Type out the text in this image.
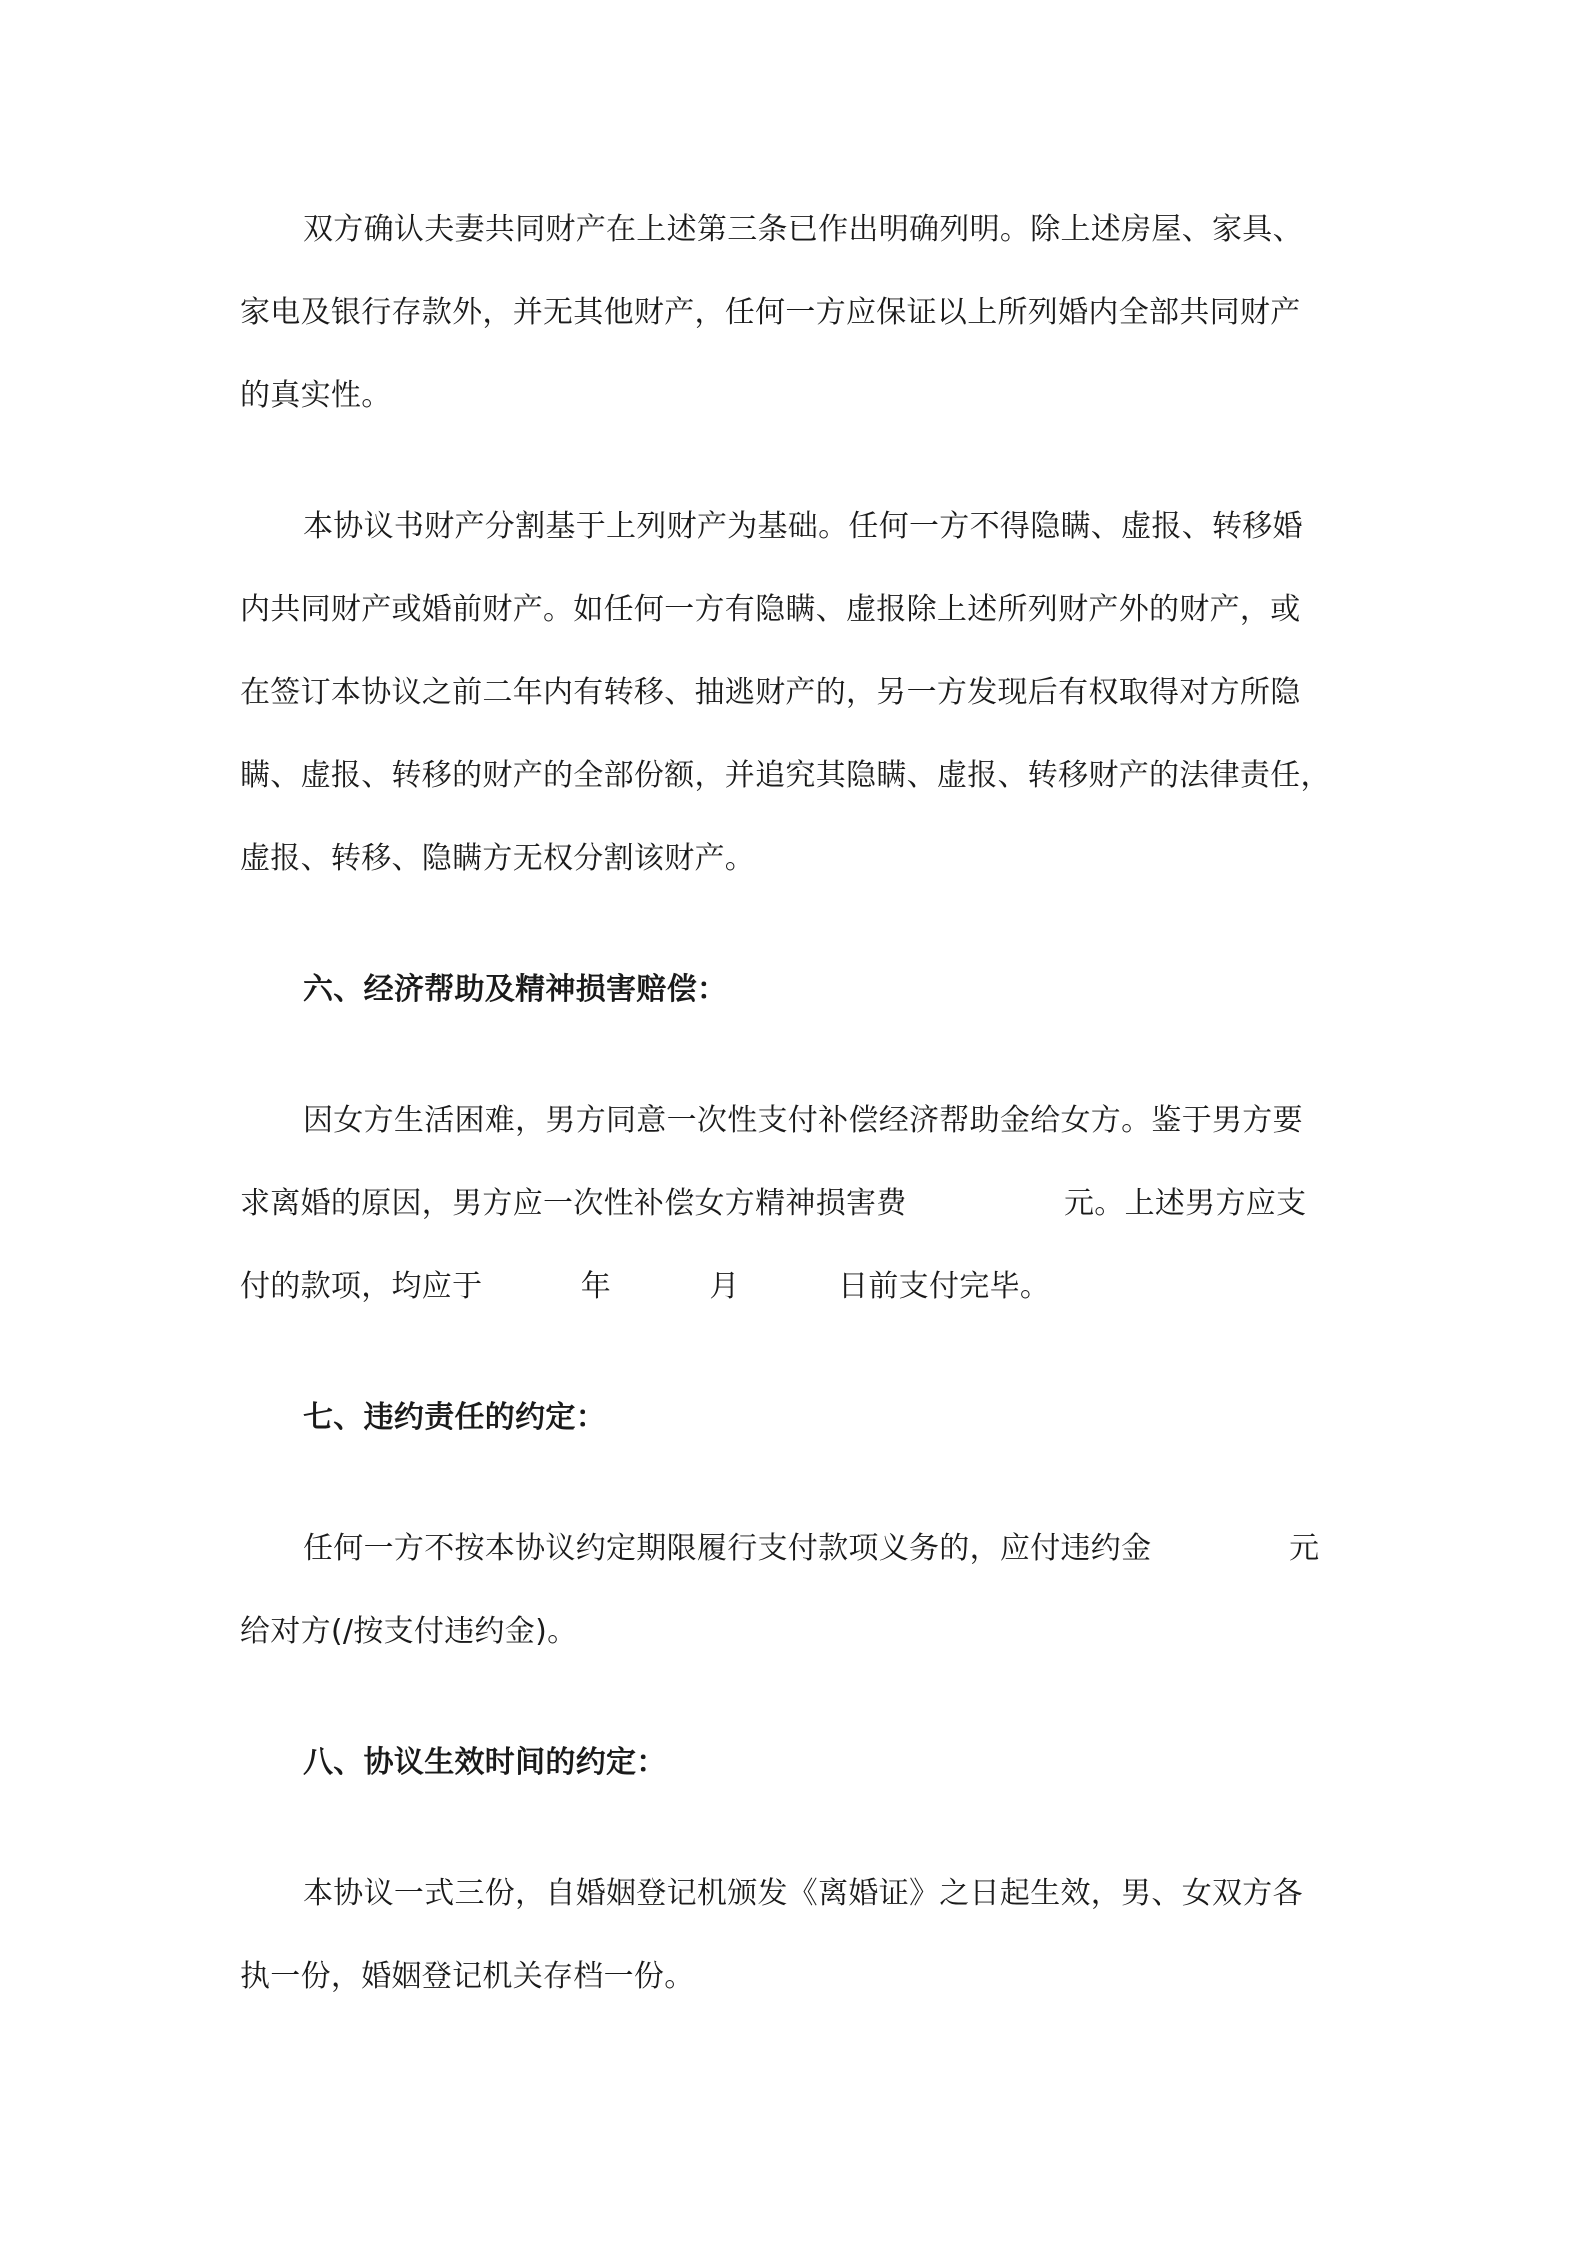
双方确认夫妻共同财产在上述第三条已作出明确列明。除上述房屋、家具、
家电及银行存款外，并无其他财产，任何一方应保证以上所列婚内全部共同财产
的真实性。
本协议书财产分割基于上列财产为基础。任何一方不得隐瞒、虚报、转移婚
内共同财产或婚前财产。如任何一方有隐瞒、虚报除上述所列财产外的财产，或
在签订本协议之前二年内有转移、抽逃财产的，另一方发现后有权取得对方所隐
瞒、虚报、转移的财产的全部份额，并追究其隐瞒、虚报、转移财产的法律责任，
虚报、转移、隐瞒方无权分割该财产。
六、经济帮助及精神损害赔偿：
因女方生活困难，男方同意一次性支付补偿经济帮助金给女方。鉴于男方要
求离婚的原因，男方应一次性补偿女方精神损害费                元。上述男方应支
付的款项，均应于          年          月          日前支付完毕。
七、违约责任的约定：
任何一方不按本协议约定期限履行支付款项义务的，应付违约金              元
给对方(/按支付违约金)。
八、协议生效时间的约定：
本协议一式三份，自婚姻登记机颁发《离婚证》之日起生效，男、女双方各
执一份，婚姻登记机关存档一份。
